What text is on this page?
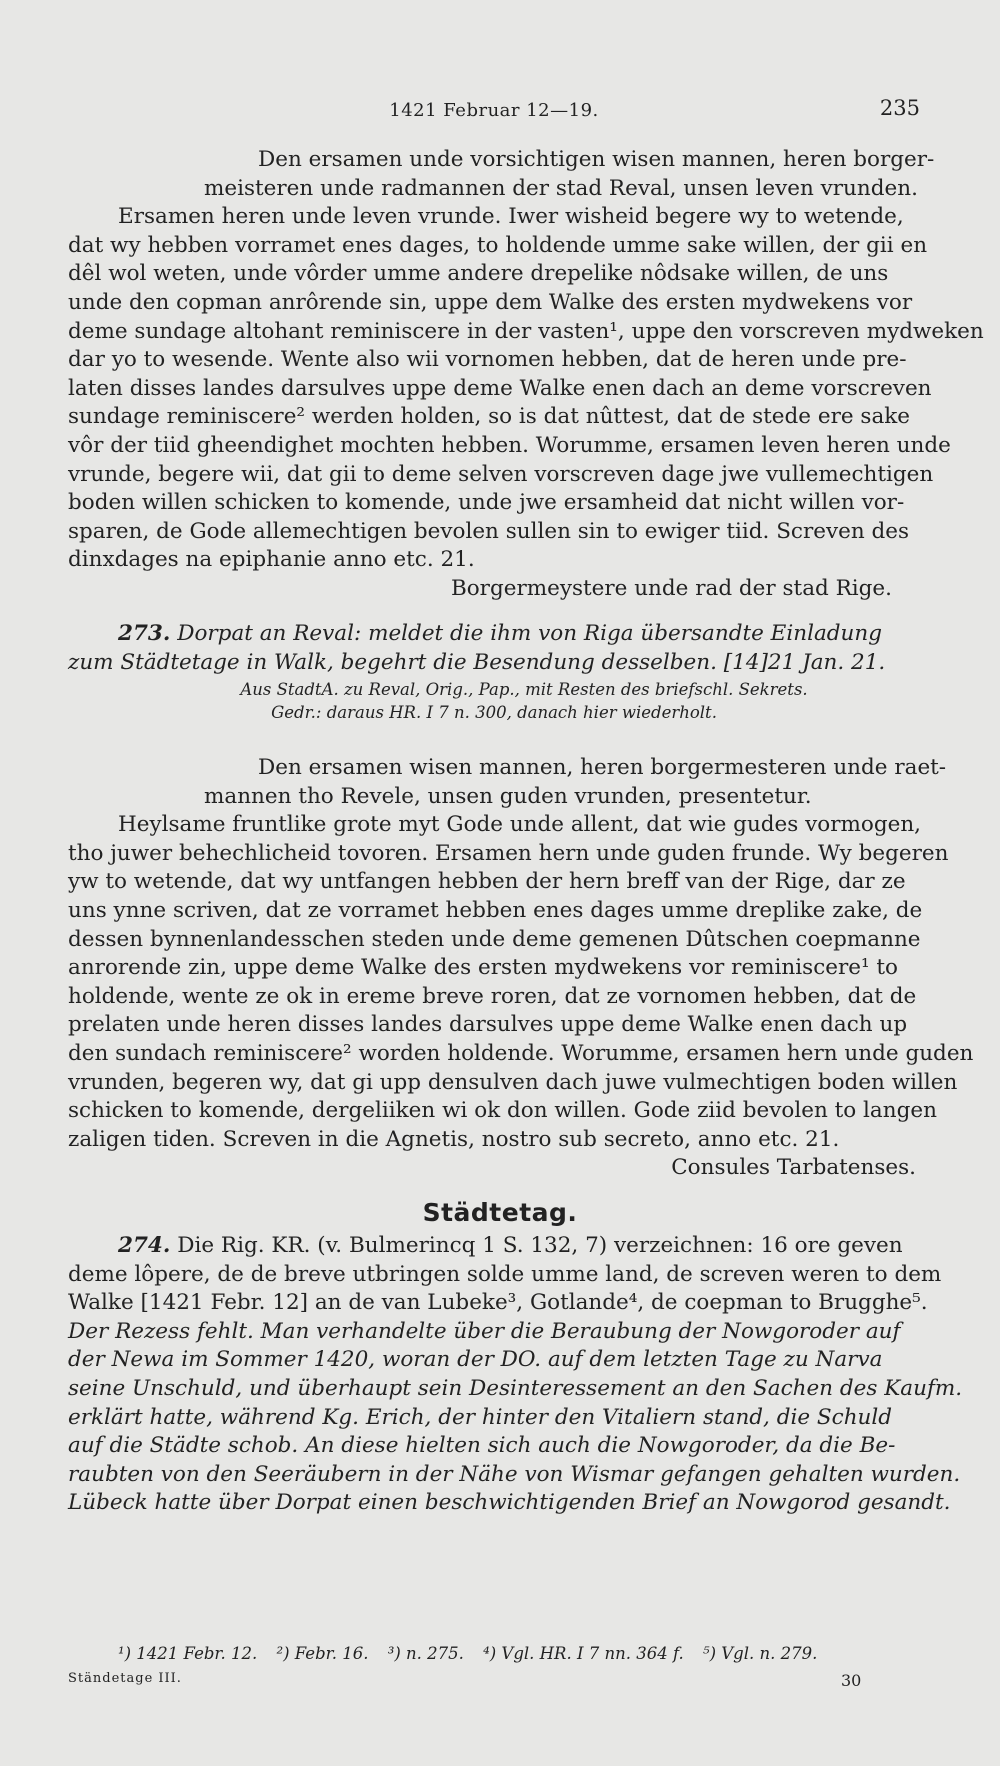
1421 Februar 12—19.	235
Den ersamen unde vorsichtigen wisen mannen, heren borger-
meisteren unde radmannen der stad Reval, unsen leven vrunden.
Ersamen heren unde leven vrunde. Iwer wisheid begere wy to wetende,
dat wy hebben vorramet enes dages, to holdende umme sake willen, der gii en
dêl wol weten, unde vôrder umme andere drepelike nôdsake willen, de uns
unde den copman anrôrende sin, uppe dem Walke des ersten mydwekens vor
deme sundage altohant reminiscere in der vasten¹, uppe den vorscreven mydweken
dar yo to wesende. Wente also wii vornomen hebben, dat de heren unde pre-
laten disses landes darsulves uppe deme Walke enen dach an deme vorscreven
sundage reminiscere² werden holden, so is dat nûttest, dat de stede ere sake
vôr der tiid gheendighet mochten hebben. Worumme, ersamen leven heren unde
vrunde, begere wii, dat gii to deme selven vorscreven dage jwe vullemechtigen
boden willen schicken to komende, unde jwe ersamheid dat nicht willen vor-
sparen, de Gode allemechtigen bevolen sullen sin to ewiger tiid. Screven des
dinxdages na epiphanie anno etc. 21.
Borgermeystere unde rad der stad Rige.
273. Dorpat an Reval: meldet die ihm von Riga übersandte Einladung
zum Städtetage in Walk, begehrt die Besendung desselben. [14]21 Jan. 21.
Aus StadtA. zu Reval, Orig., Pap., mit Resten des briefschl. Sekrets.
Gedr.: daraus HR. I 7 n. 300, danach hier wiederholt.
Den ersamen wisen mannen, heren borgermesteren unde raet-
mannen tho Revele, unsen guden vrunden, presentetur.
Heylsame fruntlike grote myt Gode unde allent, dat wie gudes vormogen,
tho juwer behechlicheid tovoren. Ersamen hern unde guden frunde. Wy begeren
yw to wetende, dat wy untfangen hebben der hern breff van der Rige, dar ze
uns ynne scriven, dat ze vorramet hebben enes dages umme dreplike zake, de
dessen bynnenlandesschen steden unde deme gemenen Dûtschen coepmanne
anrorende zin, uppe deme Walke des ersten mydwekens vor reminiscere¹ to
holdende, wente ze ok in ereme breve roren, dat ze vornomen hebben, dat de
prelaten unde heren disses landes darsulves uppe deme Walke enen dach up
den sundach reminiscere² worden holdende. Worumme, ersamen hern unde guden
vrunden, begeren wy, dat gi upp densulven dach juwe vulmechtigen boden willen
schicken to komende, dergeliiken wi ok don willen. Gode ziid bevolen to langen
zaligen tiden. Screven in die Agnetis, nostro sub secreto, anno etc. 21.
Consules Tarbatenses.
Städtetag.
274. Die Rig. KR. (v. Bulmerincq 1 S. 132, 7) verzeichnen: 16 ore geven
deme lôpere, de de breve utbringen solde umme land, de screven weren to dem
Walke [1421 Febr. 12] an de van Lubeke³, Gotlande⁴, de coepman to Brugghe⁵.
Der Rezess fehlt. Man verhandelte über die Beraubung der Nowgoroder auf
der Newa im Sommer 1420, woran der DO. auf dem letzten Tage zu Narva
seine Unschuld, und überhaupt sein Desinteressement an den Sachen des Kaufm.
erklärt hatte, während Kg. Erich, der hinter den Vitaliern stand, die Schuld
auf die Städte schob. An diese hielten sich auch die Nowgoroder, da die Be-
raubten von den Seeräubern in der Nähe von Wismar gefangen gehalten wurden.
Lübeck hatte über Dorpat einen beschwichtigenden Brief an Nowgorod gesandt.
¹) 1421 Febr. 12. ²) Febr. 16. ³) n. 275. ⁴) Vgl. HR. I 7 nn. 364 f. ⁵) Vgl. n. 279.
Ständetage III.	30
